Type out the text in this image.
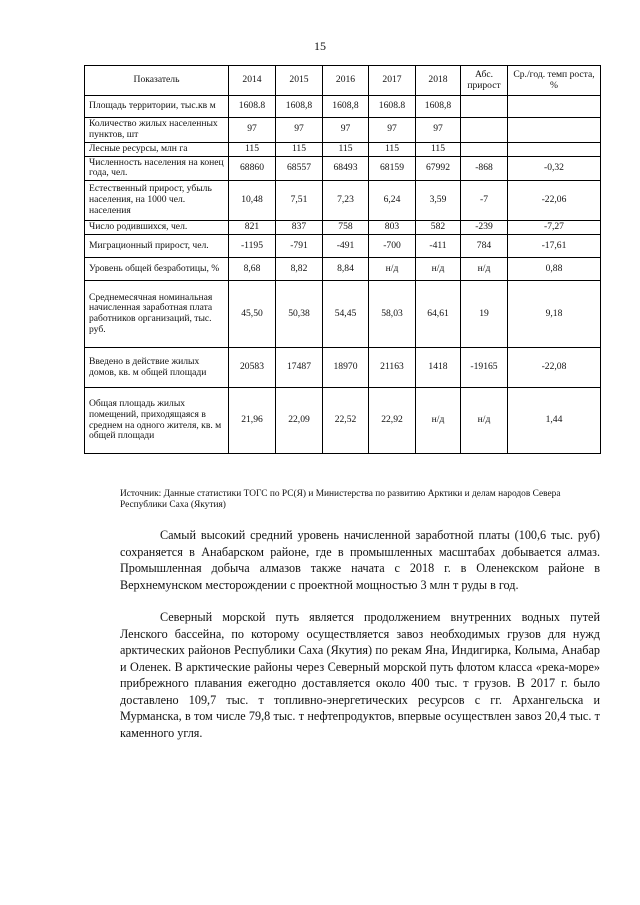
15
Показатель	2014	2015	2016	2017	2018	Абс. прирост	Ср./год. темп роста, %
Площадь территории, тыс.кв м	1608.8	1608,8	1608,8	1608.8	1608,8		
Количество жилых населенных пунктов, шт	97	97	97	97	97		
Лесные ресурсы, млн га	115	115	115	115	115		
Численность населения на конец года, чел.	68860	68557	68493	68159	67992	-868	-0,32
Естественный прирост, убыль населения, на 1000 чел. населения	10,48	7,51	7,23	6,24	3,59	-7	-22,06
Число родившихся, чел.	821	837	758	803	582	-239	-7,27
Миграционный прирост, чел.	-1195	-791	-491	-700	-411	784	-17,61
Уровень общей безработицы, %	8,68	8,82	8,84	н/д	н/д	н/д	0,88
Среднемесячная номинальная начисленная заработная плата работников организаций, тыс. руб.	45,50	50,38	54,45	58,03	64,61	19	9,18
Введено в действие жилых домов, кв. м общей площади	20583	17487	18970	21163	1418	-19165	-22,08
Общая площадь жилых помещений, приходящаяся в среднем на одного жителя, кв. м общей площади	21,96	22,09	22,52	22,92	н/д	н/д	1,44
Источник: Данные статистики ТОГС по РС(Я) и Министерства по развитию Арктики и делам народов Севера Республики Саха (Якутия)

Самый высокий средний уровень начисленной заработной платы (100,6 тыс. руб) сохраняется в Анабарском районе, где в промышленных масштабах добывается алмаз. Промышленная добыча алмазов также начата с 2018 г. в Оленекском районе в Верхнемунском месторождении с проектной мощностью 3 млн т руды в год.

Северный морской путь является продолжением внутренних водных путей Ленского бассейна, по которому осуществляется завоз необходимых грузов для нужд арктических районов Республики Саха (Якутия) по рекам Яна, Индигирка, Колыма, Анабар и Оленек. В арктические районы через Северный морской путь флотом класса «река-море» прибрежного плавания ежегодно доставляется около 400 тыс. т грузов. В 2017 г. было доставлено 109,7 тыс. т топливно-энергетических ресурсов с гг. Архангельска и Мурманска, в том числе 79,8 тыс. т нефтепродуктов, впервые осуществлен завоз 20,4 тыс. т каменного угля.
